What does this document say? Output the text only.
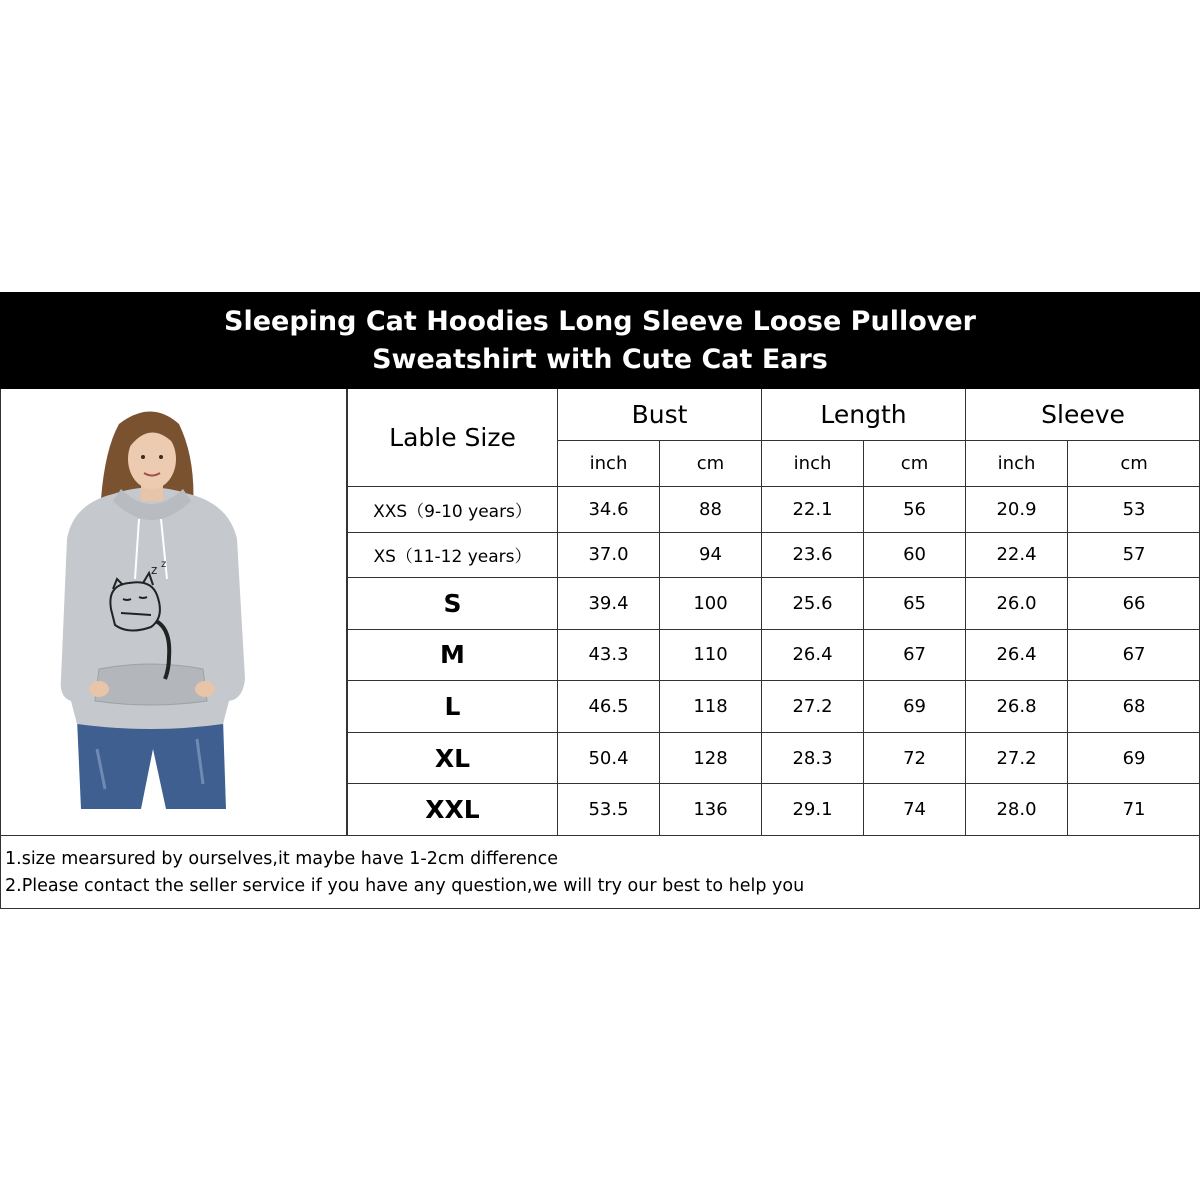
Sleeping Cat Hoodies Long Sleeve Loose Pullover
Sweatshirt with Cute Cat Ears
z z
Lable Size	Bust		Length		Sleeve	
	inch	cm	inch	cm	inch	cm
XXS（9-10 years）	34.6	88	22.1	56	20.9	53
XS（11-12 years）	37.0	94	23.6	60	22.4	57
S	39.4	100	25.6	65	26.0	66
M	43.3	110	26.4	67	26.4	67
L	46.5	118	27.2	69	26.8	68
XL	50.4	128	28.3	72	27.2	69
XXL	53.5	136	29.1	74	28.0	71
1.size mearsured by ourselves,it maybe have 1-2cm difference
2.Please contact the seller service if you have any question,we will try our best to help you
